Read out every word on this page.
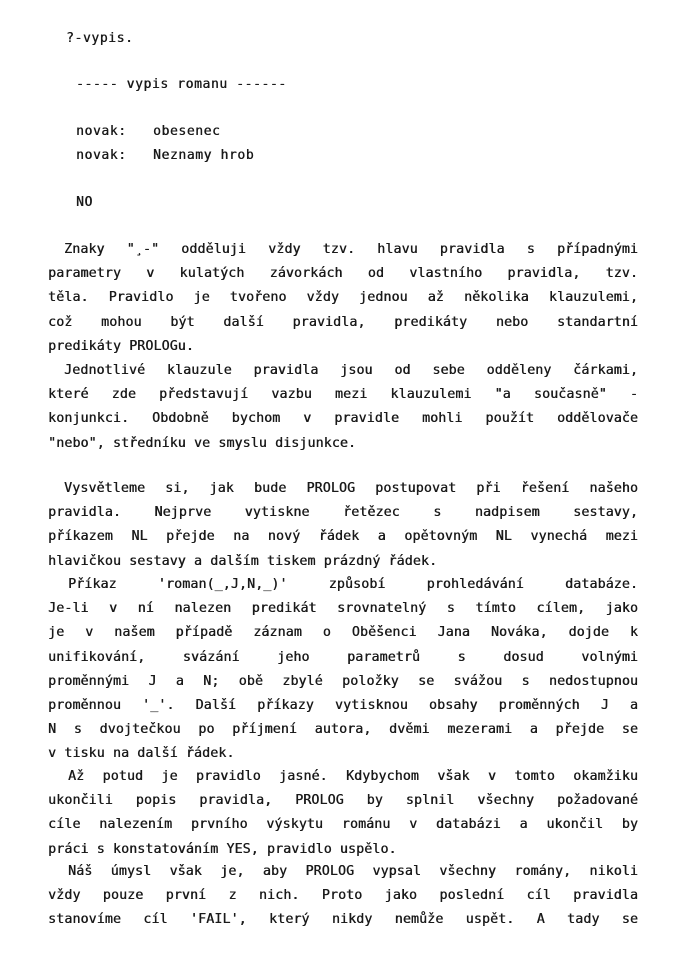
?-vypis.
----- vypis romanu ------
novak: obesenec
novak: Neznamy hrob
NO
Znaky "¸-" odděluji vždy tzv. hlavu pravidla s případnými
parametry v kulatých závorkách od vlastního pravidla, tzv.
těla. Pravidlo je tvořeno vždy jednou až několika klauzulemi,
což mohou být další pravidla, predikáty nebo standartní
predikáty PROLOGu.
Jednotlivé klauzule pravidla jsou od sebe odděleny čárkami,
které zde představují vazbu mezi klauzulemi "a současně" -
konjunkci. Obdobně bychom v pravidle mohli použít oddělovače
"nebo", středníku ve smyslu disjunkce.
Vysvětleme si, jak bude PROLOG postupovat při řešení našeho
pravidla. Nejprve vytiskne řetězec s nadpisem sestavy,
příkazem NL přejde na nový řádek a opětovným NL vynechá mezi
hlavičkou sestavy a dalším tiskem prázdný řádek.
Příkaz 'roman(_,J,N,_)' způsobí prohledávání databáze.
Je-li v ní nalezen predikát srovnatelný s tímto cílem, jako
je v našem případě záznam o Oběšenci Jana Nováka, dojde k
unifikování, svázání jeho parametrů s dosud volnými
proměnnými J a N; obě zbylé položky se svážou s nedostupnou
proměnnou '_'. Další příkazy vytisknou obsahy proměnných J a
N s dvojtečkou po příjmení autora, dvěmi mezerami a přejde se
v tisku na další řádek.
Až potud je pravidlo jasné. Kdybychom však v tomto okamžiku
ukončili popis pravidla, PROLOG by splnil všechny požadované
cíle nalezením prvního výskytu románu v databázi a ukončil by
práci s konstatováním YES, pravidlo uspělo.
Náš úmysl však je, aby PROLOG vypsal všechny romány, nikoli
vždy pouze první z nich. Proto jako poslední cíl pravidla
stanovíme cíl 'FAIL', který nikdy nemůže uspět. A tady se
